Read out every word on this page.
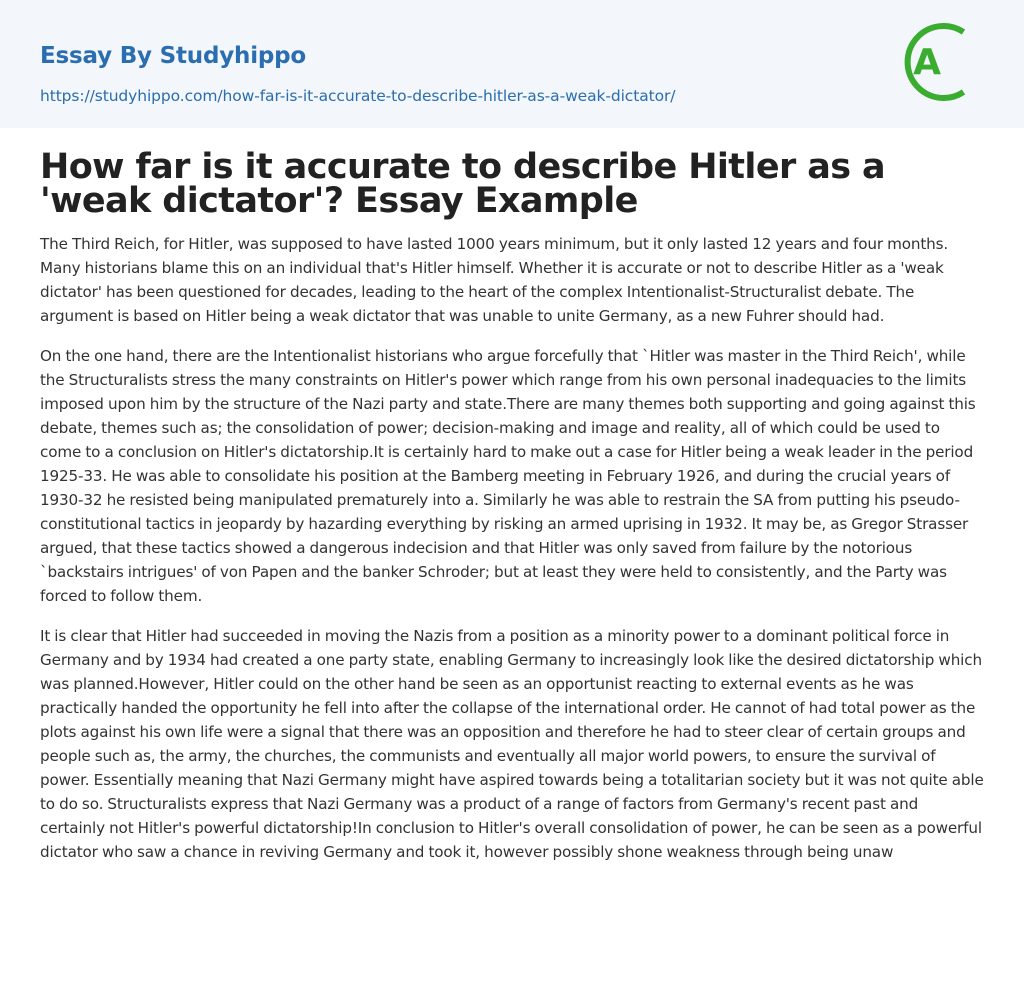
Essay By Studyhippo
https://studyhippo.com/how-far-is-it-accurate-to-describe-hitler-as-a-weak-dictator/
A
How far is it accurate to describe Hitler as a 'weak dictator'? Essay Example

The Third Reich, for Hitler, was supposed to have lasted 1000 years minimum, but it only lasted 12 years and four months. Many historians blame this on an individual that's Hitler himself. Whether it is accurate or not to describe Hitler as a 'weak dictator' has been questioned for decades, leading to the heart of the complex Intentionalist-Structuralist debate. The argument is based on Hitler being a weak dictator that was unable to unite Germany, as a new Fuhrer should had.

On the one hand, there are the Intentionalist historians who argue forcefully that `Hitler was master in the Third Reich', while the Structuralists stress the many constraints on Hitler's power which range from his own personal inadequacies to the limits imposed upon him by the structure of the Nazi party and state.There are many themes both supporting and going against this debate, themes such as; the consolidation of power; decision-making and image and reality, all of which could be used to come to a conclusion on Hitler's dictatorship.It is certainly hard to make out a case for Hitler being a weak leader in the period 1925-33. He was able to consolidate his position at the Bamberg meeting in February 1926, and during the crucial years of 1930-32 he resisted being manipulated prematurely into a. Similarly he was able to restrain the SA from putting his pseudo-constitutional tactics in jeopardy by hazarding everything by risking an armed uprising in 1932. It may be, as Gregor Strasser argued, that these tactics showed a dangerous indecision and that Hitler was only saved from failure by the notorious `backstairs intrigues' of von Papen and the banker Schroder; but at least they were held to consistently, and the Party was forced to follow them.

It is clear that Hitler had succeeded in moving the Nazis from a position as a minority power to a dominant political force in Germany and by 1934 had created a one party state, enabling Germany to increasingly look like the desired dictatorship which was planned.However, Hitler could on the other hand be seen as an opportunist reacting to external events as he was practically handed the opportunity he fell into after the collapse of the international order. He cannot of had total power as the plots against his own life were a signal that there was an opposition and therefore he had to steer clear of certain groups and people such as, the army, the churches, the communists and eventually all major world powers, to ensure the survival of power. Essentially meaning that Nazi Germany might have aspired towards being a totalitarian society but it was not quite able to do so. Structuralists express that Nazi Germany was a product of a range of factors from Germany's recent past and certainly not Hitler's powerful dictatorship!In conclusion to Hitler's overall consolidation of power, he can be seen as a powerful dictator who saw a chance in reviving Germany and took it, however possibly shone weakness through being unaw
